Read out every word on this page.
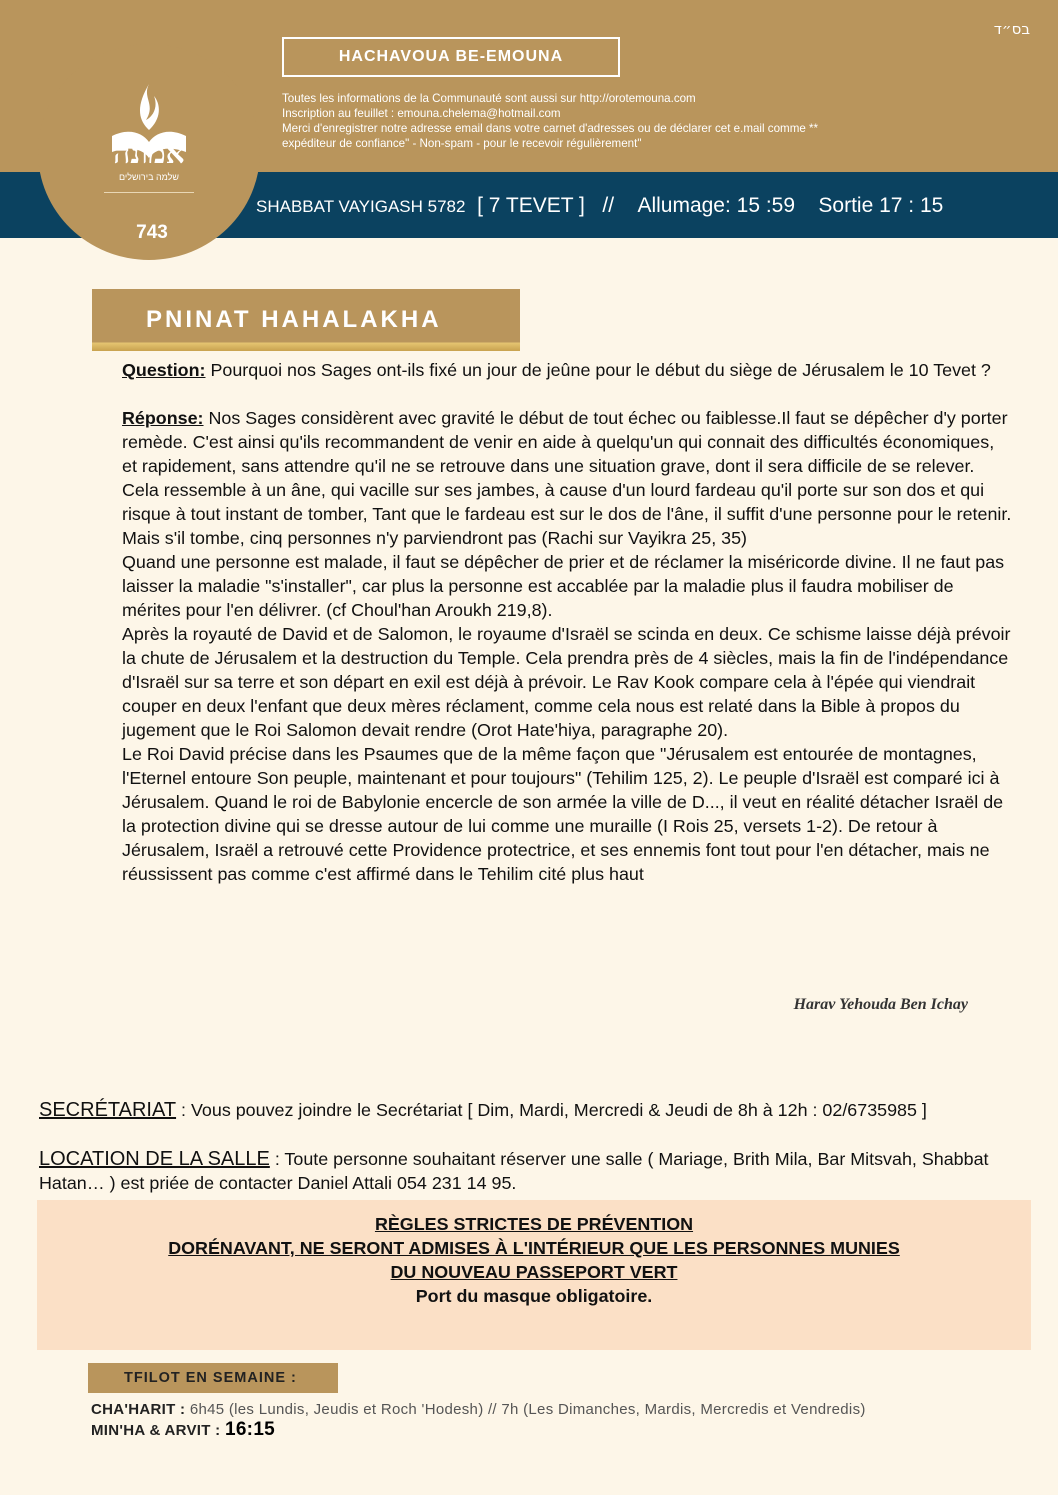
אמונה
שלמה בירושלים
743
בס״ד
HACHAVOUA BE-EMOUNA
Toutes les informations de la Communauté sont aussi sur http://orotemouna.com
Inscription au feuillet : emouna.chelema@hotmail.com
Merci d'enregistrer notre adresse email dans votre carnet d'adresses ou de déclarer cet e.mail comme **
expéditeur de confiance" - Non-spam - pour le recevoir régulièrement"
SHABBAT VAYIGASH 5782 [ 7 TEVET ] // Allumage: 15 :59 Sortie 17 : 15
PNINAT HAHALAKHA

Question: Pourquoi nos Sages ont-ils fixé un jour de jeûne pour le début du siège de Jérusalem le 10 Tevet ?

Réponse: Nos Sages considèrent avec gravité le début de tout échec ou faiblesse.Il faut se dépêcher d'y porter remède. C'est ainsi qu'ils recommandent de venir en aide à quelqu'un qui connait des difficultés économiques, et rapidement, sans attendre qu'il ne se retrouve dans une situation grave, dont il sera difficile de se relever. Cela ressemble à un âne, qui vacille sur ses jambes, à cause d'un lourd fardeau qu'il porte sur son dos et qui risque à tout instant de tomber, Tant que le fardeau est sur le dos de l'âne, il suffit d'une personne pour le retenir. Mais s'il tombe, cinq personnes n'y parviendront pas (Rachi sur Vayikra 25, 35)

Quand une personne est malade, il faut se dépêcher de prier et de réclamer la miséricorde divine. Il ne faut pas laisser la maladie "s'installer", car plus la personne est accablée par la maladie plus il faudra mobiliser de mérites pour l'en délivrer. (cf Choul'han Aroukh 219,8).

Après la royauté de David et de Salomon, le royaume d'Israël se scinda en deux. Ce schisme laisse déjà prévoir la chute de Jérusalem et la destruction du Temple. Cela prendra près de 4 siècles, mais la fin de l'indépendance d'Israël sur sa terre et son départ en exil est déjà à prévoir. Le Rav Kook compare cela à l'épée qui viendrait couper en deux l'enfant que deux mères réclament, comme cela nous est relaté dans la Bible à propos du jugement que le Roi Salomon devait rendre (Orot Hate'hiya, paragraphe 20).

Le Roi David précise dans les Psaumes que de la même façon que "Jérusalem est entourée de montagnes, l'Eternel entoure Son peuple, maintenant et pour toujours" (Tehilim 125, 2). Le peuple d'Israël est comparé ici à Jérusalem. Quand le roi de Babylonie encercle de son armée la ville de D..., il veut en réalité détacher Israël de la protection divine qui se dresse autour de lui comme une muraille (I Rois 25, versets 1-2). De retour à Jérusalem, Israël a retrouvé cette Providence protectrice, et ses ennemis font tout pour l'en détacher, mais ne réussissent pas comme c'est affirmé dans le Tehilim cité plus haut

Harav Yehouda Ben Ichay
SECRÉTARIAT : Vous pouvez joindre le Secrétariat [ Dim, Mardi, Mercredi & Jeudi de 8h à 12h : 02/6735985 ]
LOCATION DE LA SALLE : Toute personne souhaitant réserver une salle ( Mariage, Brith Mila, Bar Mitsvah, Shabbat Hatan… ) est priée de contacter Daniel Attali 054 231 14 95.
RÈGLES STRICTES DE PRÉVENTION
DORÉNAVANT, NE SERONT ADMISES À L'INTÉRIEUR QUE LES PERSONNES MUNIES
DU NOUVEAU PASSEPORT VERT
Port du masque obligatoire.
TFILOT EN SEMAINE :
CHA'HARIT : 6h45 (les Lundis, Jeudis et Roch 'Hodesh) // 7h (Les Dimanches, Mardis, Mercredis et Vendredis)
MIN'HA & ARVIT : 16:15
